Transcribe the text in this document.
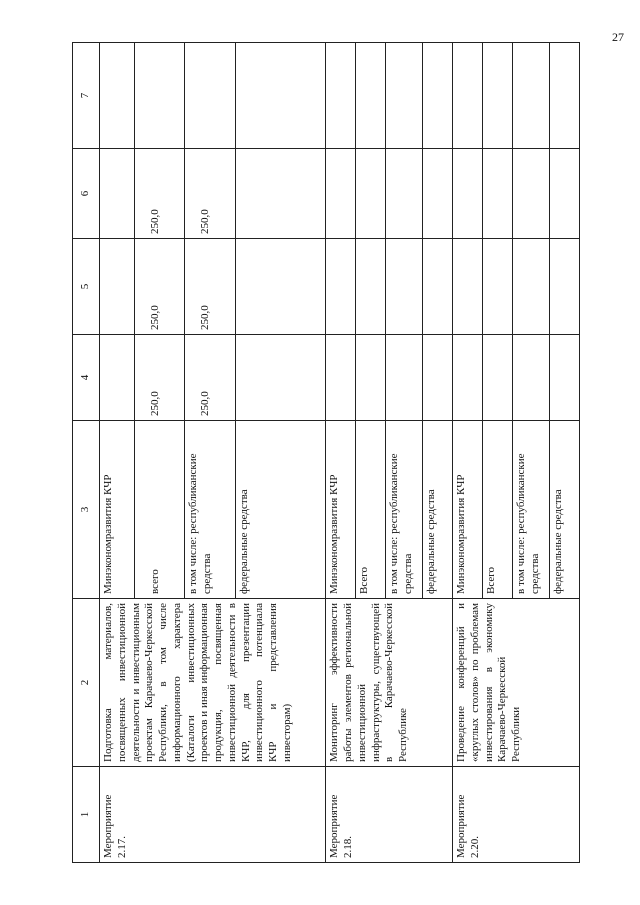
27
1	2	3	4	5	6	7
Мероприятие 2.17.	Подготовка материалов, посвященных инвестиционной деятельности и инвестиционным проектам Карачаево-Черкесской Республики, в том числе информационного характера (Каталоги инвестиционных проектов и иная информационная продукция, посвященная инвестиционной деятельности в КЧР, для презентации инвестиционного потенциала КЧР и представления инвесторам)	Минэкономразвития КЧР				
		всего	250,0	250,0	250,0	
		в том числе: республиканские средства	250,0	250,0	250,0	
		федеральные средства				
Мероприятие 2.18.	Мониторинг эффективности работы элементов региональной инвестиционной инфраструктуры, существующей в Карачаево-Черкесской Республике	Минэкономразвития КЧР				
		Всего				
		в том числе: республиканские средства				
		федеральные средства				
Мероприятие 2.20.	Проведение конференций и «круглых столов» по проблемам инвестирования в экономику Карачаево-Черкесской Республики	Минэкономразвития КЧР				
		Всего				
		в том числе: республиканские средства				
		федеральные средства				
